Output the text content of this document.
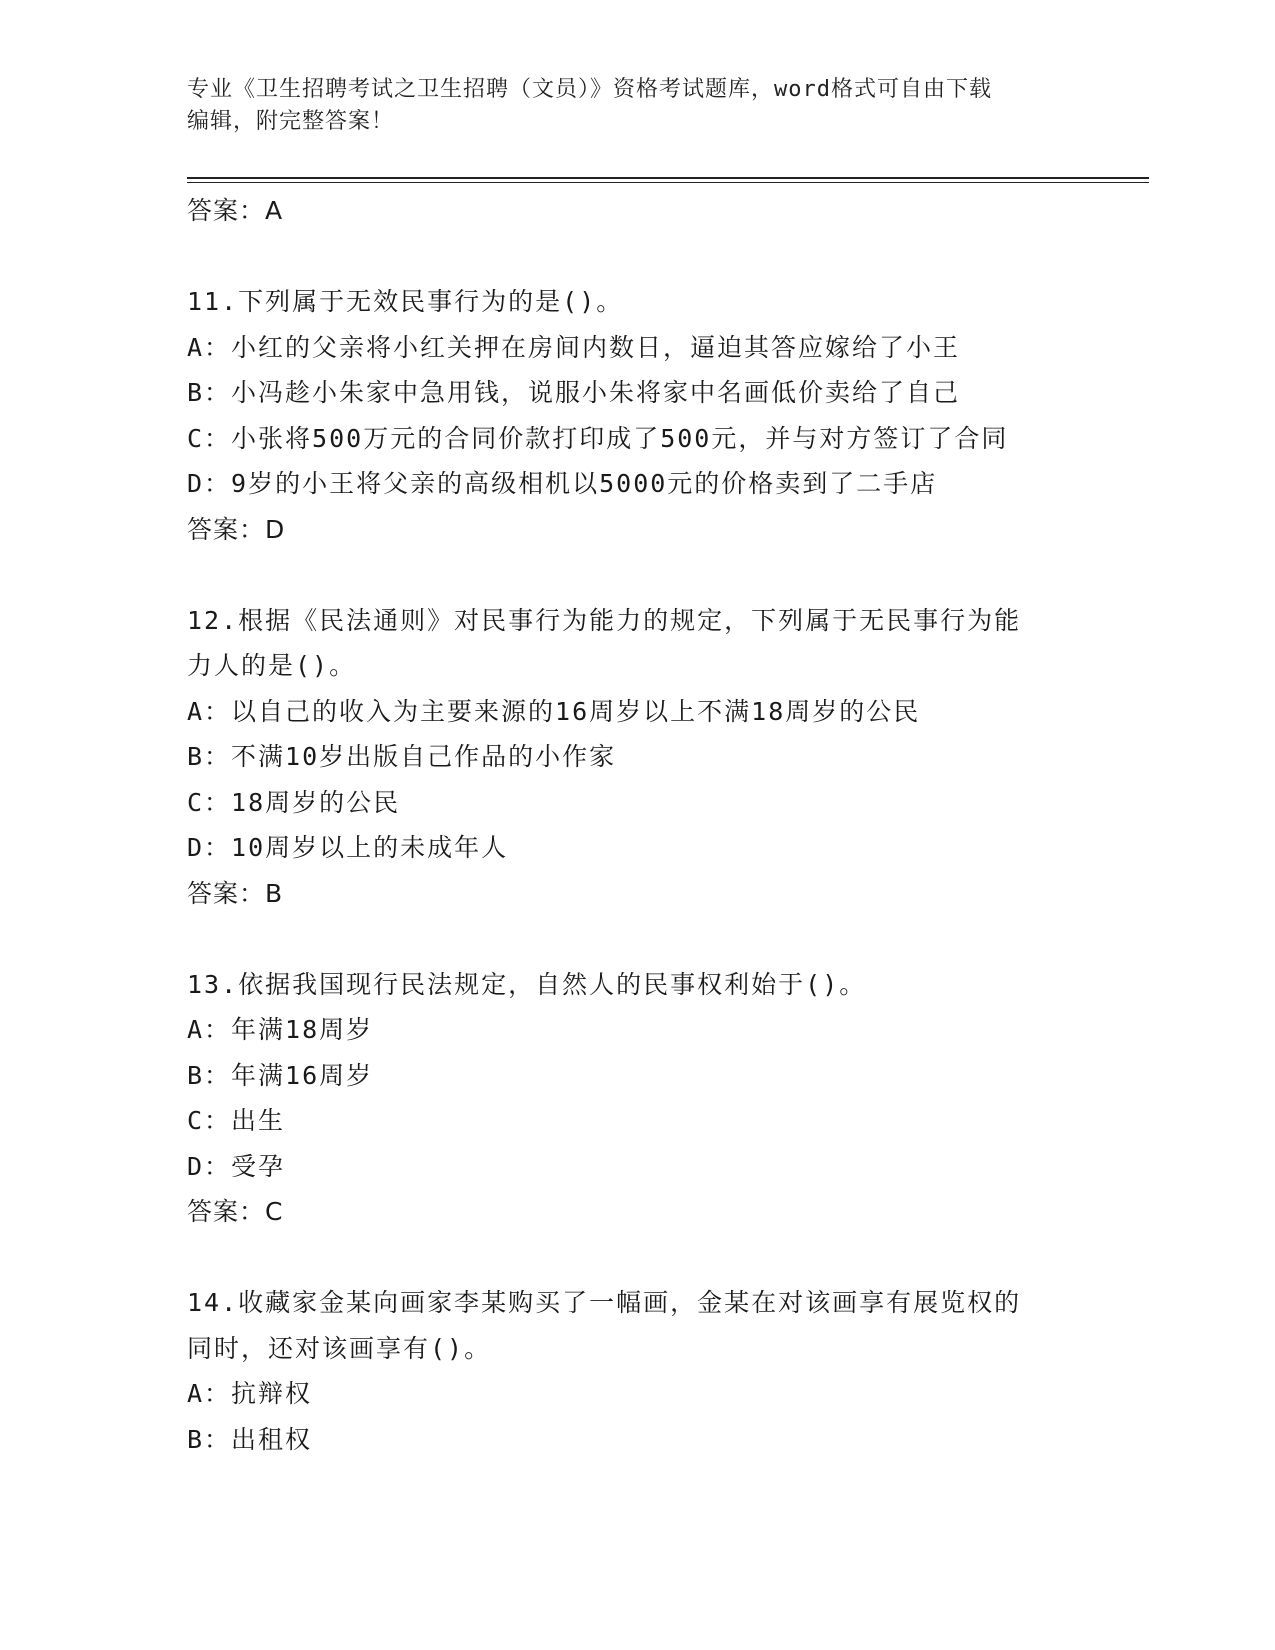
专业《卫生招聘考试之卫生招聘（文员）》资格考试题库，word格式可自由下载
编辑，附完整答案！
答案：A
11.下列属于无效民事行为的是()。
A：小红的父亲将小红关押在房间内数日，逼迫其答应嫁给了小王
B：小冯趁小朱家中急用钱，说服小朱将家中名画低价卖给了自己
C：小张将500万元的合同价款打印成了500元，并与对方签订了合同
D：9岁的小王将父亲的高级相机以5000元的价格卖到了二手店
答案：D
12.根据《民法通则》对民事行为能力的规定，下列属于无民事行为能
力人的是()。
A：以自己的收入为主要来源的16周岁以上不满18周岁的公民
B：不满10岁出版自己作品的小作家
C：18周岁的公民
D：10周岁以上的未成年人
答案：B
13.依据我国现行民法规定，自然人的民事权利始于()。
A：年满18周岁
B：年满16周岁
C：出生
D：受孕
答案：C
14.收藏家金某向画家李某购买了一幅画，金某在对该画享有展览权的
同时，还对该画享有()。
A：抗辩权
B：出租权
